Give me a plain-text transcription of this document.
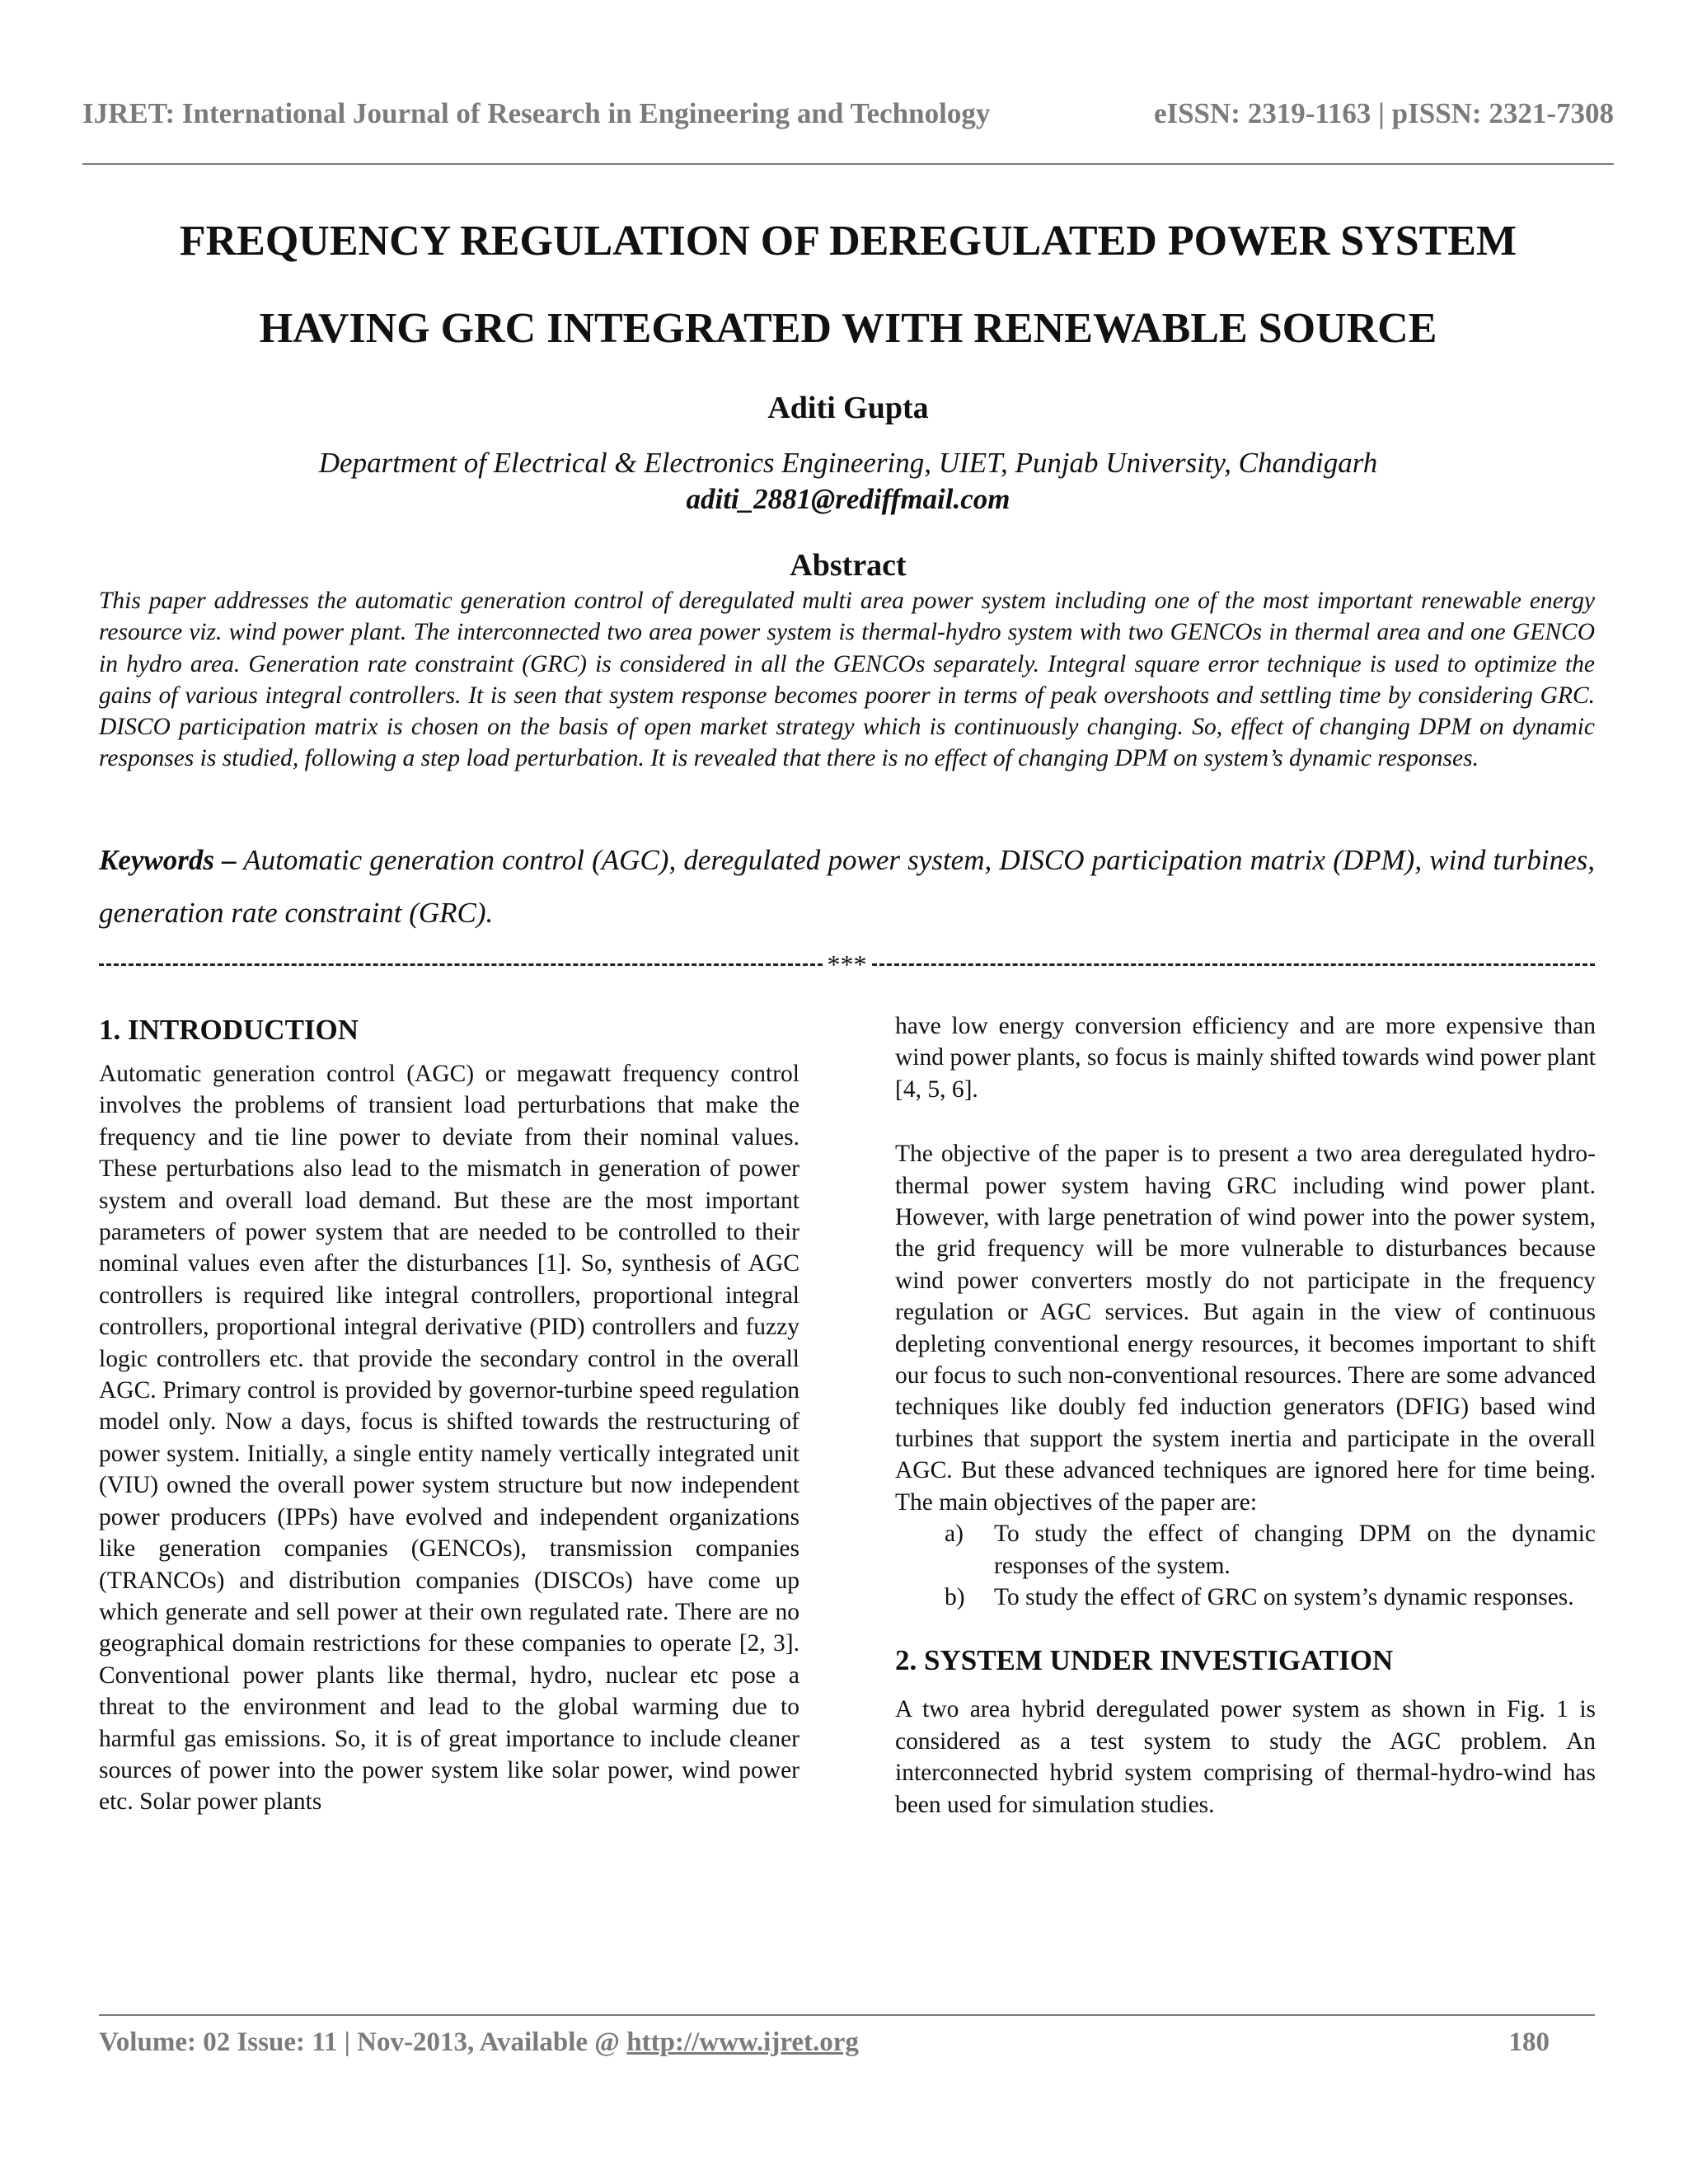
IJRET: International Journal of Research in Engineering and Technology	eISSN: 2319-1163 | pISSN: 2321-7308
FREQUENCY REGULATION OF DEREGULATED POWER SYSTEM
HAVING GRC INTEGRATED WITH RENEWABLE SOURCE
Aditi Gupta
Department of Electrical & Electronics Engineering, UIET, Punjab University, Chandigarh
aditi_2881@rediffmail.com
Abstract

This paper addresses the automatic generation control of deregulated multi area power system including one of the most important renewable energy resource viz. wind power plant. The interconnected two area power system is thermal-hydro system with two GENCOs in thermal area and one GENCO in hydro area. Generation rate constraint (GRC) is considered in all the GENCOs separately. Integral square error technique is used to optimize the gains of various integral controllers. It is seen that system response becomes poorer in terms of peak overshoots and settling time by considering GRC. DISCO participation matrix is chosen on the basis of open market strategy which is continuously changing. So, effect of changing DPM on dynamic responses is studied, following a step load perturbation. It is revealed that there is no effect of changing DPM on system’s dynamic responses.

Keywords – Automatic generation control (AGC), deregulated power system, DISCO participation matrix (DPM), wind turbines, generation rate constraint (GRC).

***
1. INTRODUCTION

Automatic generation control (AGC) or megawatt frequency control involves the problems of transient load perturbations that make the frequency and tie line power to deviate from their nominal values. These perturbations also lead to the mismatch in generation of power system and overall load demand. But these are the most important parameters of power system that are needed to be controlled to their nominal values even after the disturbances [1]. So, synthesis of AGC controllers is required like integral controllers, proportional integral controllers, proportional integral derivative (PID) controllers and fuzzy logic controllers etc. that provide the secondary control in the overall AGC. Primary control is provided by governor-turbine speed regulation model only. Now a days, focus is shifted towards the restructuring of power system. Initially, a single entity namely vertically integrated unit (VIU) owned the overall power system structure but now independent power producers (IPPs) have evolved and independent organizations like generation companies (GENCOs), transmission companies (TRANCOs) and distribution companies (DISCOs) have come up which generate and sell power at their own regulated rate. There are no geographical domain restrictions for these companies to operate [2, 3]. Conventional power plants like thermal, hydro, nuclear etc pose a threat to the environment and lead to the global warming due to harmful gas emissions. So, it is of great importance to include cleaner sources of power into the power system like solar power, wind power etc. Solar power plants

have low energy conversion efficiency and are more expensive than wind power plants, so focus is mainly shifted towards wind power plant [4, 5, 6].

The objective of the paper is to present a two area deregulated hydro-thermal power system having GRC including wind power plant. However, with large penetration of wind power into the power system, the grid frequency will be more vulnerable to disturbances because wind power converters mostly do not participate in the frequency regulation or AGC services. But again in the view of continuous depleting conventional energy resources, it becomes important to shift our focus to such non-conventional resources. There are some advanced techniques like doubly fed induction generators (DFIG) based wind turbines that support the system inertia and participate in the overall AGC. But these advanced techniques are ignored here for time being. The main objectives of the paper are:

a)	To study the effect of changing DPM on the dynamic responses of the system.
b)	To study the effect of GRC on system’s dynamic responses.
2. SYSTEM UNDER INVESTIGATION

A two area hybrid deregulated power system as shown in Fig. 1 is considered as a test system to study the AGC problem. An interconnected hybrid system comprising of thermal-hydro-wind has been used for simulation studies.

Volume: 02 Issue: 11 | Nov-2013, Available @ http://www.ijret.org	180
